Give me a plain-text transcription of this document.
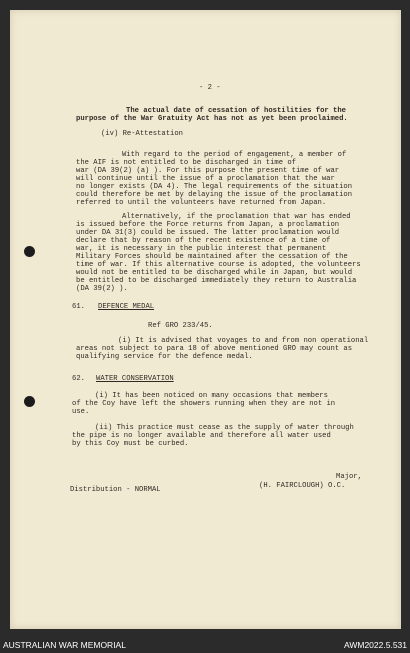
- 2 -
The actual date of cessation of hostilities for the
purpose of the War Gratuity Act has not as yet been proclaimed.
(iv) Re-Attestation
With regard to the period of engagement, a member of
the AIF is not entitled to be discharged in time of
war (DA 39(2) (a) ). For this purpose the present time of war
will continue until the issue of a proclamation that the war
no longer exists (DA 4). The legal requirements of the situation
could therefore be met by delaying the issue of the proclamation
referred to until the volunteers have returned from Japan.
Alternatively, if the proclamation that war has ended
is issued before the Force returns from Japan, a proclamation
under DA 31(3) could be issued. The latter proclamation would
declare that by reason of the recent existence of a time of
war, it is necessary in the public interest that permanent
Military Forces should be maintained after the cessation of the
time of war. If this alternative course is adopted, the volunteers
would not be entitled to be discharged while in Japan, but would
be entitled to be discharged immediately they return to Australia
(DA 39(2) ).
61. DEFENCE MEDAL
Ref GRO 233/45.
(i) It is advised that voyages to and from non operational
areas not subject to para 18 of above mentioned GRO may count as
qualifying service for the defence medal.
62. WATER CONSERVATION
(i) It has been noticed on many occasions that members
of the Coy have left the showers running when they are not in
use.
(ii) This practice must cease as the supply of water through
the pipe is no longer available and therefore all water used
by this Coy must be curbed.
Major,
(H. FAIRCLOUGH) O.C.
Distribution - NORMAL
AUSTRALIAN WAR MEMORIAL	AWM2022.5.531
